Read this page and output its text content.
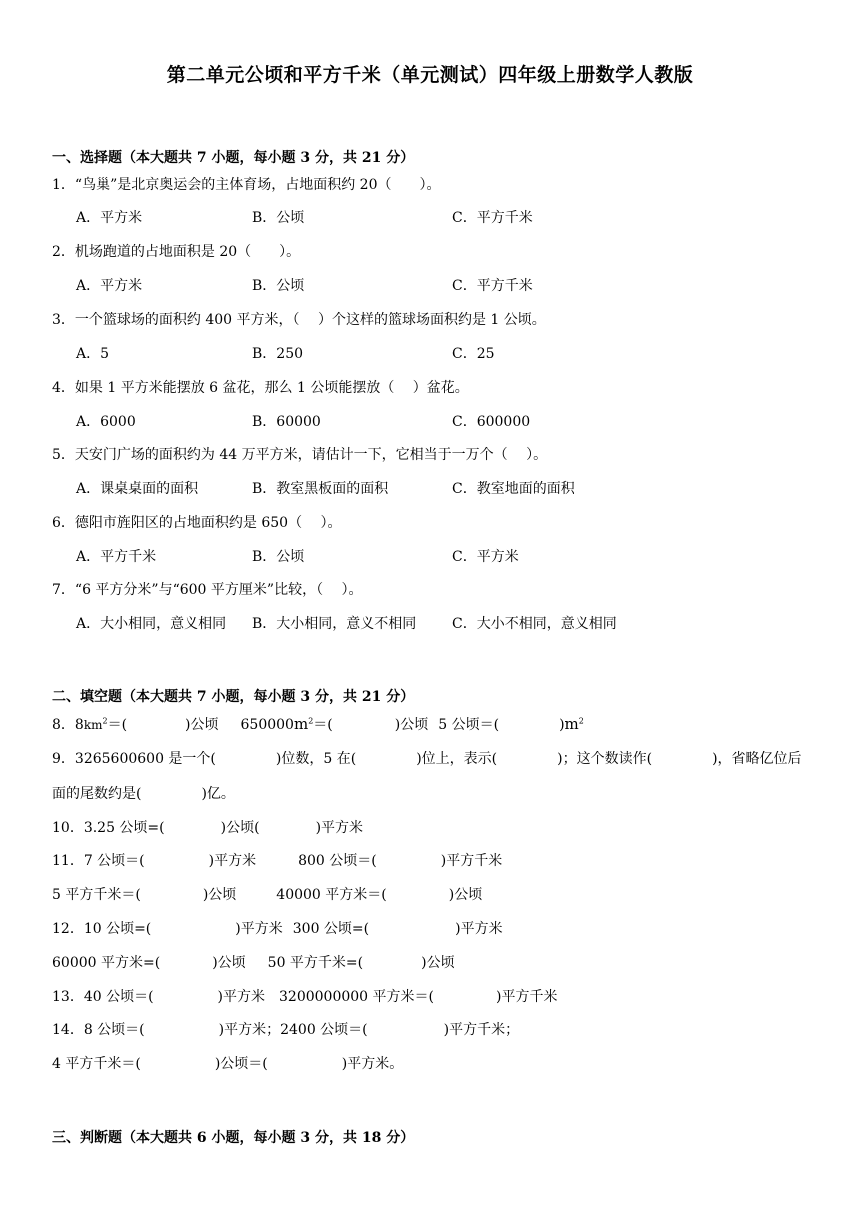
第二单元公顷和平方千米（单元测试）四年级上册数学人教版
一、选择题（本大题共 7 小题，每小题 3 分，共 21 分）
1．“鸟巢”是北京奥运会的主体育场，占地面积约 20（　　）。
A．平方米	B．公顷	C．平方千米
2．机场跑道的占地面积是 20（　　）。
A．平方米	B．公顷	C．平方千米
3．一个篮球场的面积约 400 平方米，（　 ）个这样的篮球场面积约是 1 公顷。
A．5	B．250	C．25
4．如果 1 平方米能摆放 6 盆花，那么 1 公顷能摆放（　 ）盆花。
A．6000	B．60000	C．600000
5．天安门广场的面积约为 44 万平方米，请估计一下，它相当于一万个（　 ）。
A．课桌桌面的面积	B．教室黑板面的面积	C．教室地面的面积
6．德阳市旌阳区的占地面积约是 650（　 ）。
A．平方千米	B．公顷	C．平方米
7．“6 平方分米”与“600 平方厘米”比较，（　 ）。
A．大小相同，意义相同 B．大小相同，意义不相同	C．大小不相同，意义相同
二、填空题（本大题共 7 小题，每小题 3 分，共 21 分）
8．$8km^2=$(	)公顷 $650000m^2=$(	)公顷 5 公顷＝(	)$m^2$
9．3265600600 是一个(	)位数，5 在(	)位上，表示(	)；这个数读作(	)，省略亿位后
面的尾数约是(	)亿。
10．3.25 公顷=(	)公顷(	)平方米
11．7 公顷＝(	)平方米	800 公顷＝(	)平方千米
5 平方千米＝(	)公顷	40000 平方米＝(	)公顷
12．10 公顷=(	)平方米 300 公顷=(	)平方米
60000 平方米=(	)公顷 50 平方千米=(	)公顷
13．40 公顷＝(	)平方米 3200000000 平方米＝(	)平方千米
14．8 公顷＝(	)平方米；2400 公顷＝(	)平方千米；
4 平方千米＝(	)公顷＝(	)平方米。
三、判断题（本大题共 6 小题，每小题 3 分，共 18 分）
